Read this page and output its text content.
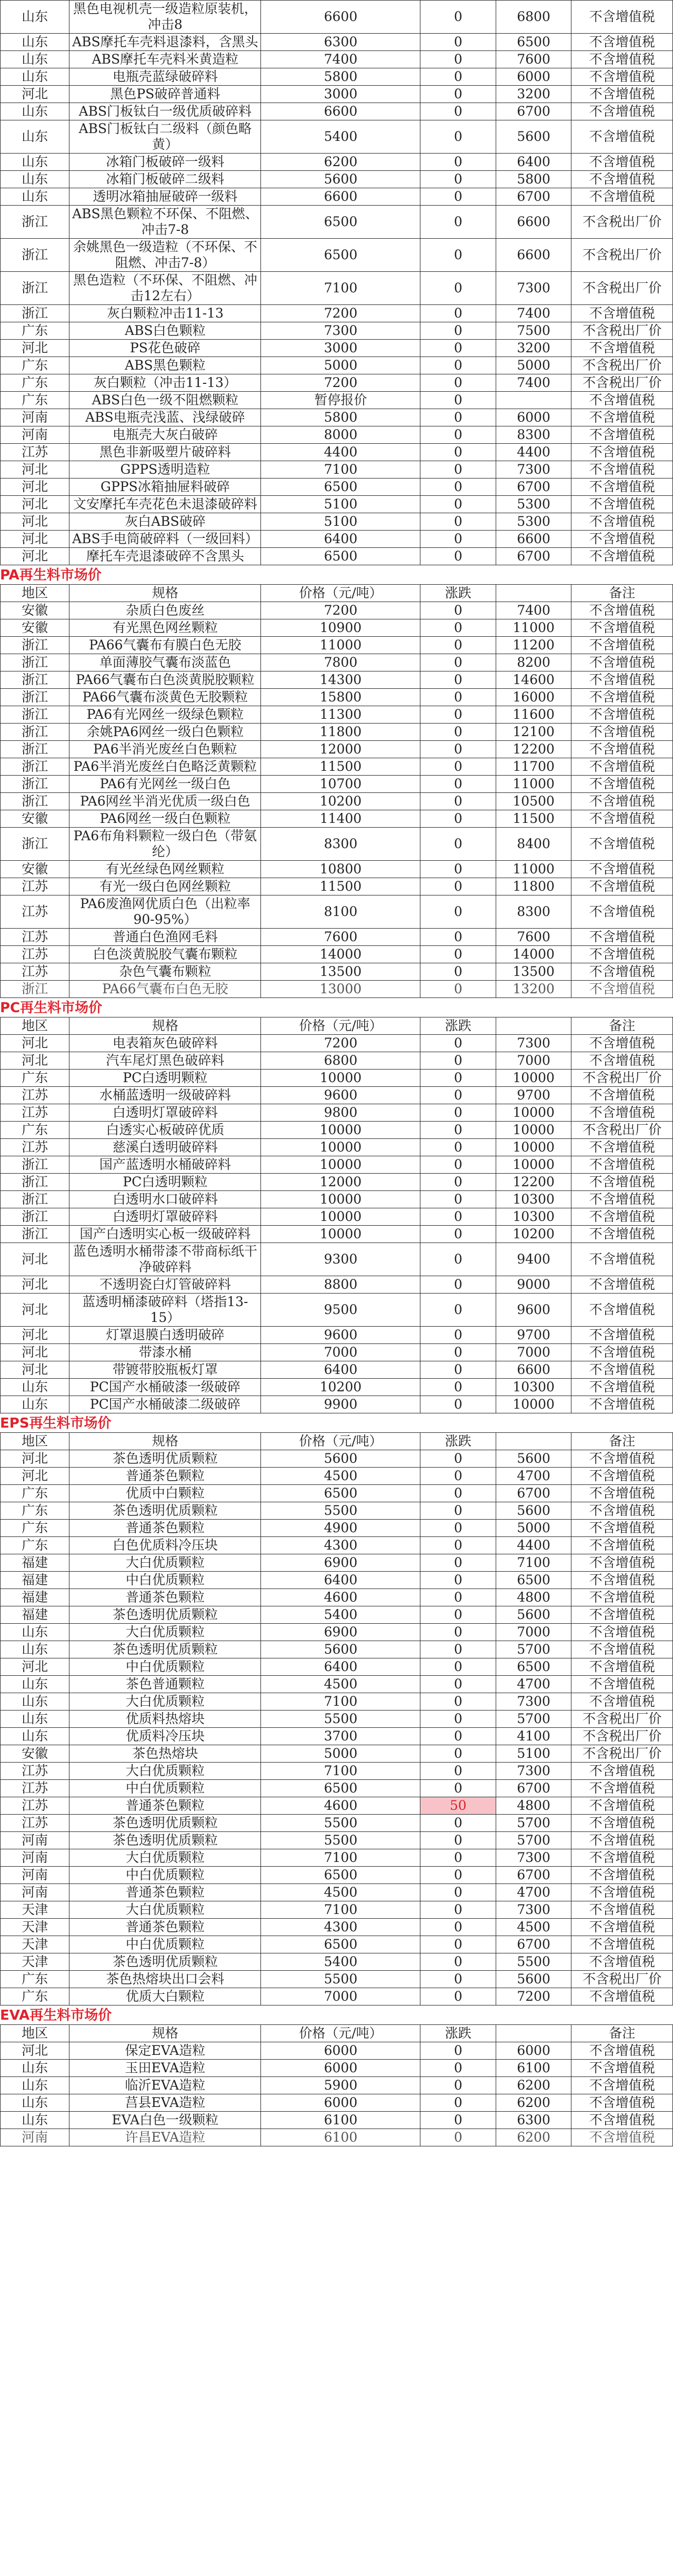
山东	黑色电视机壳一级造粒原装机，冲击8	6600	0	6800	不含增值税
山东	ABS摩托车壳料退漆料，含黑头	6300	0	6500	不含增值税
山东	ABS摩托车壳料米黄造粒	7400	0	7600	不含增值税
山东	电瓶壳蓝绿破碎料	5800	0	6000	不含增值税
河北	黑色PS破碎普通料	3000	0	3200	不含增值税
山东	ABS门板钛白一级优质破碎料	6600	0	6700	不含增值税
山东	ABS门板钛白二级料（颜色略黄）	5400	0	5600	不含增值税
山东	冰箱门板破碎一级料	6200	0	6400	不含增值税
山东	冰箱门板破碎二级料	5600	0	5800	不含增值税
山东	透明冰箱抽屉破碎一级料	6600	0	6700	不含增值税
浙江	ABS黑色颗粒不环保、不阻燃、冲击7-8	6500	0	6600	不含税出厂价
浙江	余姚黑色一级造粒（不环保、不阻燃、冲击7-8）	6500	0	6600	不含税出厂价
浙江	黑色造粒（不环保、不阻燃、冲击12左右）	7100	0	7300	不含税出厂价
浙江	灰白颗粒冲击11-13	7200	0	7400	不含增值税
广东	ABS白色颗粒	7300	0	7500	不含税出厂价
河北	PS花色破碎	3000	0	3200	不含增值税
广东	ABS黑色颗粒	5000	0	5000	不含税出厂价
广东	灰白颗粒（冲击11-13）	7200	0	7400	不含税出厂价
广东	ABS白色一级不阻燃颗粒	暂停报价	0		不含增值税
河南	ABS电瓶壳浅蓝、浅绿破碎	5800	0	6000	不含增值税
河南	电瓶壳大灰白破碎	8000	0	8300	不含增值税
江苏	黑色非新吸塑片破碎料	4400	0	4400	不含增值税
河北	GPPS透明造粒	7100	0	7300	不含增值税
河北	GPPS冰箱抽屉料破碎	6500	0	6700	不含增值税
河北	文安摩托车壳花色未退漆破碎料	5100	0	5300	不含增值税
河北	灰白ABS破碎	5100	0	5300	不含增值税
河北	ABS手电筒破碎料（一级回料）	6400	0	6600	不含增值税
河北	摩托车壳退漆破碎不含黑头	6500	0	6700	不含增值税
PA再生料市场价
地区	规格	价格（元/吨）	涨跌		备注
安徽	杂质白色废丝	7200	0	7400	不含增值税
安徽	有光黑色网丝颗粒	10900	0	11000	不含增值税
浙江	PA66气囊布有膜白色无胶	11000	0	11200	不含增值税
浙江	单面薄胶气囊布淡蓝色	7800	0	8200	不含增值税
浙江	PA66气囊布白色淡黄脱胶颗粒	14300	0	14600	不含增值税
浙江	PA66气囊布淡黄色无胶颗粒	15800	0	16000	不含增值税
浙江	PA6有光网丝一级绿色颗粒	11300	0	11600	不含增值税
浙江	余姚PA6网丝一级白色颗粒	11800	0	12100	不含增值税
浙江	PA6半消光废丝白色颗粒	12000	0	12200	不含增值税
浙江	PA6半消光废丝白色略泛黄颗粒	11500	0	11700	不含增值税
浙江	PA6有光网丝一级白色	10700	0	11000	不含增值税
浙江	PA6网丝半消光优质一级白色	10200	0	10500	不含增值税
安徽	PA6网丝一级白色颗粒	11400	0	11500	不含增值税
浙江	PA6布角料颗粒一级白色（带氨纶）	8300	0	8400	不含增值税
安徽	有光丝绿色网丝颗粒	10800	0	11000	不含增值税
江苏	有光一级白色网丝颗粒	11500	0	11800	不含增值税
江苏	PA6废渔网优质白色（出粒率90-95%）	8100	0	8300	不含增值税
江苏	普通白色渔网毛料	7600	0	7600	不含增值税
江苏	白色淡黄脱胶气囊布颗粒	14000	0	14000	不含增值税
江苏	杂色气囊布颗粒	13500	0	13500	不含增值税
浙江	PA66气囊布白色无胶	13000	0	13200	不含增值税
PC再生料市场价
地区	规格	价格（元/吨）	涨跌		备注
河北	电表箱灰色破碎料	7200	0	7300	不含增值税
河北	汽车尾灯黑色破碎料	6800	0	7000	不含增值税
广东	PC白透明颗粒	10000	0	10000	不含税出厂价
江苏	水桶蓝透明一级破碎料	9600	0	9700	不含增值税
江苏	白透明灯罩破碎料	9800	0	10000	不含增值税
广东	白透实心板破碎优质	10000	0	10000	不含税出厂价
江苏	慈溪白透明破碎料	10000	0	10000	不含增值税
浙江	国产蓝透明水桶破碎料	10000	0	10000	不含增值税
浙江	PC白透明颗粒	12000	0	12200	不含增值税
浙江	白透明水口破碎料	10000	0	10300	不含增值税
浙江	白透明灯罩破碎料	10000	0	10300	不含增值税
浙江	国产白透明实心板一级破碎料	10000	0	10200	不含增值税
河北	蓝色透明水桶带漆不带商标纸干净破碎料	9300	0	9400	不含增值税
河北	不透明瓷白灯管破碎料	8800	0	9000	不含增值税
河北	蓝透明桶漆破碎料（塔指13-15）	9500	0	9600	不含增值税
河北	灯罩退膜白透明破碎	9600	0	9700	不含增值税
河北	带漆水桶	7000	0	7000	不含增值税
河北	带镀带胶瓶板灯罩	6400	0	6600	不含增值税
山东	PC国产水桶破漆一级破碎	10200	0	10300	不含增值税
山东	PC国产水桶破漆二级破碎	9900	0	10000	不含增值税
EPS再生料市场价
地区	规格	价格（元/吨）	涨跌		备注
河北	茶色透明优质颗粒	5600	0	5600	不含增值税
河北	普通茶色颗粒	4500	0	4700	不含增值税
广东	优质中白颗粒	6500	0	6700	不含增值税
广东	茶色透明优质颗粒	5500	0	5600	不含增值税
广东	普通茶色颗粒	4900	0	5000	不含增值税
广东	白色优质料冷压块	4300	0	4400	不含增值税
福建	大白优质颗粒	6900	0	7100	不含增值税
福建	中白优质颗粒	6400	0	6500	不含增值税
福建	普通茶色颗粒	4600	0	4800	不含增值税
福建	茶色透明优质颗粒	5400	0	5600	不含增值税
山东	大白优质颗粒	6900	0	7000	不含增值税
山东	茶色透明优质颗粒	5600	0	5700	不含增值税
河北	中白优质颗粒	6400	0	6500	不含增值税
山东	茶色普通颗粒	4500	0	4700	不含增值税
山东	大白优质颗粒	7100	0	7300	不含增值税
山东	优质料热熔块	5500	0	5700	不含税出厂价
山东	优质料冷压块	3700	0	4100	不含税出厂价
安徽	茶色热熔块	5000	0	5100	不含税出厂价
江苏	大白优质颗粒	7100	0	7300	不含增值税
江苏	中白优质颗粒	6500	0	6700	不含增值税
江苏	普通茶色颗粒	4600	50	4800	不含增值税
江苏	茶色透明优质颗粒	5500	0	5700	不含增值税
河南	茶色透明优质颗粒	5500	0	5700	不含增值税
河南	大白优质颗粒	7100	0	7300	不含增值税
河南	中白优质颗粒	6500	0	6700	不含增值税
河南	普通茶色颗粒	4500	0	4700	不含增值税
天津	大白优质颗粒	7100	0	7300	不含增值税
天津	普通茶色颗粒	4300	0	4500	不含增值税
天津	中白优质颗粒	6500	0	6700	不含增值税
天津	茶色透明优质颗粒	5400	0	5500	不含增值税
广东	茶色热熔块出口会料	5500	0	5600	不含税出厂价
广东	优质大白颗粒	7000	0	7200	不含增值税
EVA再生料市场价
地区	规格	价格（元/吨）	涨跌		备注
河北	保定EVA造粒	6000	0	6000	不含增值税
山东	玉田EVA造粒	6000	0	6100	不含增值税
山东	临沂EVA造粒	5900	0	6200	不含增值税
山东	莒县EVA造粒	6000	0	6200	不含增值税
山东	EVA白色一级颗粒	6100	0	6300	不含增值税
河南	许昌EVA造粒	6100	0	6200	不含增值税
